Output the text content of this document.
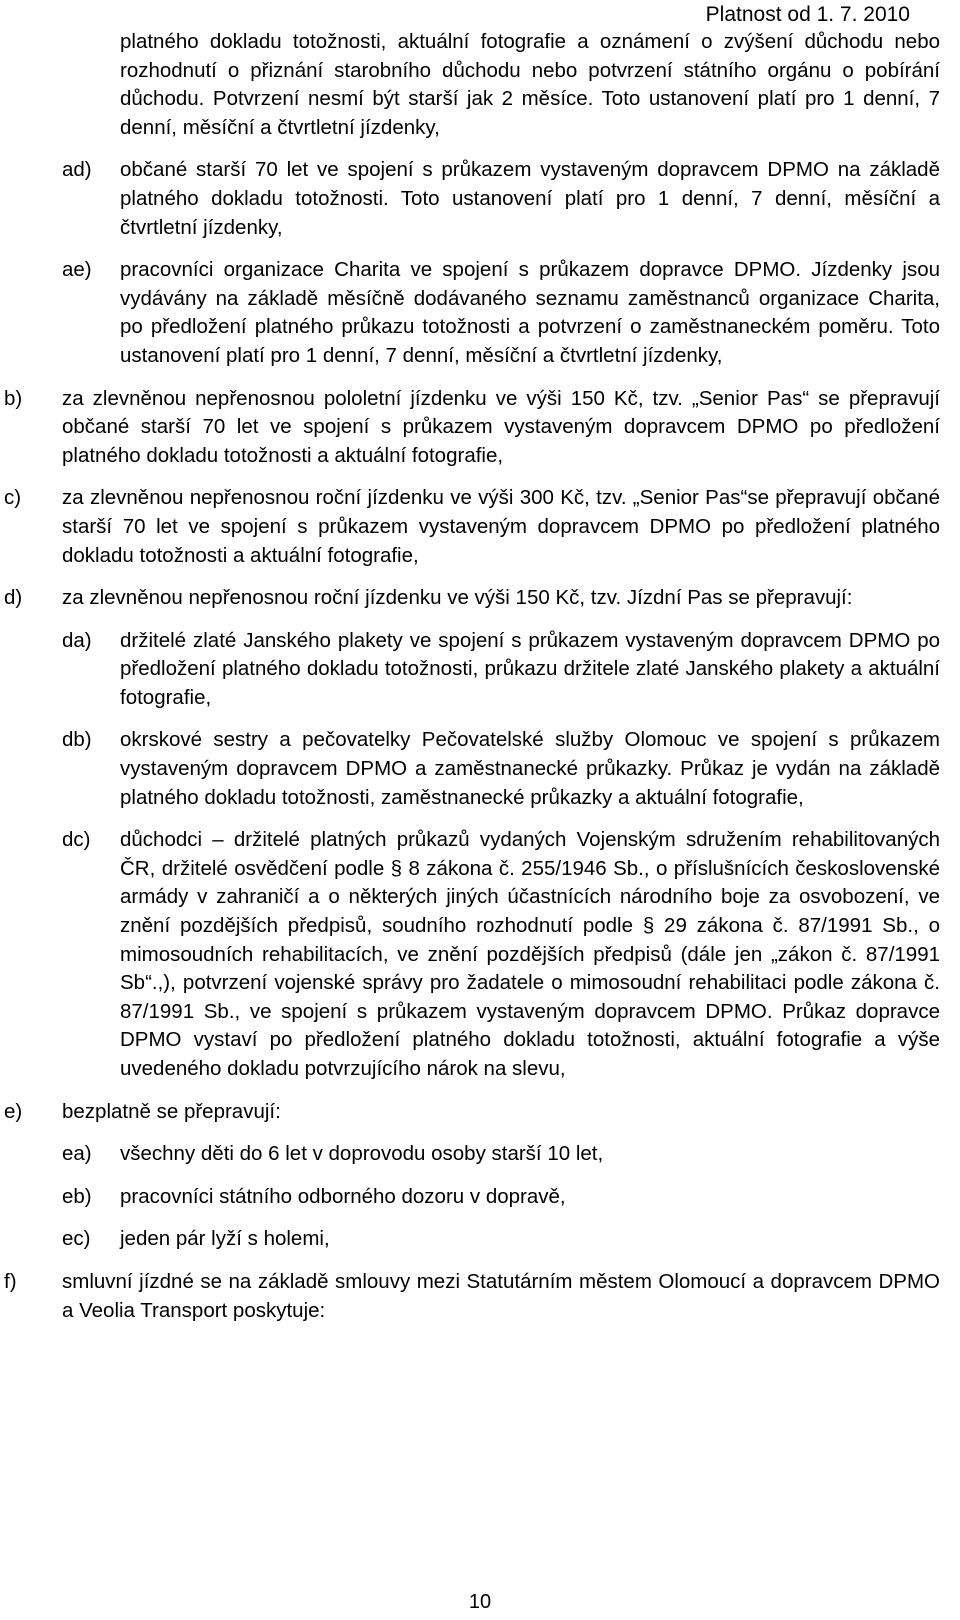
Platnost od 1. 7. 2010
platného dokladu totožnosti, aktuální fotografie a oznámení o zvýšení důchodu nebo rozhodnutí o přiznání starobního důchodu nebo potvrzení státního orgánu o pobírání důchodu. Potvrzení nesmí být starší jak 2 měsíce. Toto ustanovení platí pro 1 denní, 7 denní, měsíční a čtvrtletní jízdenky,
ad) občané starší 70 let ve spojení s průkazem vystaveným dopravcem DPMO na základě platného dokladu totožnosti. Toto ustanovení platí pro 1 denní, 7 denní, měsíční a čtvrtletní jízdenky,
ae) pracovníci organizace Charita ve spojení s průkazem dopravce DPMO. Jízdenky jsou vydávány na základě měsíčně dodávaného seznamu zaměstnanců organizace Charita, po předložení platného průkazu totožnosti a potvrzení o zaměstnaneckém poměru. Toto ustanovení platí pro 1 denní, 7 denní, měsíční a čtvrtletní jízdenky,
b) za zlevněnou nepřenosnou pololetní jízdenku ve výši 150 Kč, tzv. „Senior Pas“ se přepravují občané starší 70 let ve spojení s průkazem vystaveným dopravcem DPMO po předložení platného dokladu totožnosti a aktuální fotografie,
c) za zlevněnou nepřenosnou roční jízdenku ve výši 300 Kč, tzv. „Senior Pas“se přepravují občané starší 70 let ve spojení s průkazem vystaveným dopravcem DPMO po předložení platného dokladu totožnosti a aktuální fotografie,
d) za zlevněnou nepřenosnou roční jízdenku ve výši 150 Kč, tzv. Jízdní Pas se přepravují:
da) držitelé zlaté Janského plakety ve spojení s průkazem vystaveným dopravcem DPMO po předložení platného dokladu totožnosti, průkazu držitele zlaté Janského plakety a aktuální fotografie,
db) okrskové sestry a pečovatelky Pečovatelské služby Olomouc ve spojení s průkazem vystaveným dopravcem DPMO a zaměstnanecké průkazky. Průkaz je vydán na základě platného dokladu totožnosti, zaměstnanecké průkazky a aktuální fotografie,
dc) důchodci – držitelé platných průkazů vydaných Vojenským sdružením rehabilitovaných ČR, držitelé osvědčení podle § 8 zákona č. 255/1946 Sb., o příslušnících československé armády v zahraničí a o některých jiných účastnících národního boje za osvobození, ve znění pozdějších předpisů, soudního rozhodnutí podle § 29 zákona č. 87/1991 Sb., o mimosoudních rehabilitacích, ve znění pozdějších předpisů (dále jen „zákon č. 87/1991 Sb“.,), potvrzení vojenské správy pro žadatele o mimosoudní rehabilitaci podle zákona č. 87/1991 Sb., ve spojení s průkazem vystaveným dopravcem DPMO. Průkaz dopravce DPMO vystaví po předložení platného dokladu totožnosti, aktuální fotografie a výše uvedeného dokladu potvrzujícího nárok na slevu,
e) bezplatně se přepravují:
ea) všechny děti do 6 let v doprovodu osoby starší 10 let,
eb) pracovníci státního odborného dozoru v dopravě,
ec) jeden pár lyží s holemi,
f) smluvní jízdné se na základě smlouvy mezi Statutárním městem Olomoucí a dopravcem DPMO a Veolia Transport poskytuje:
10
